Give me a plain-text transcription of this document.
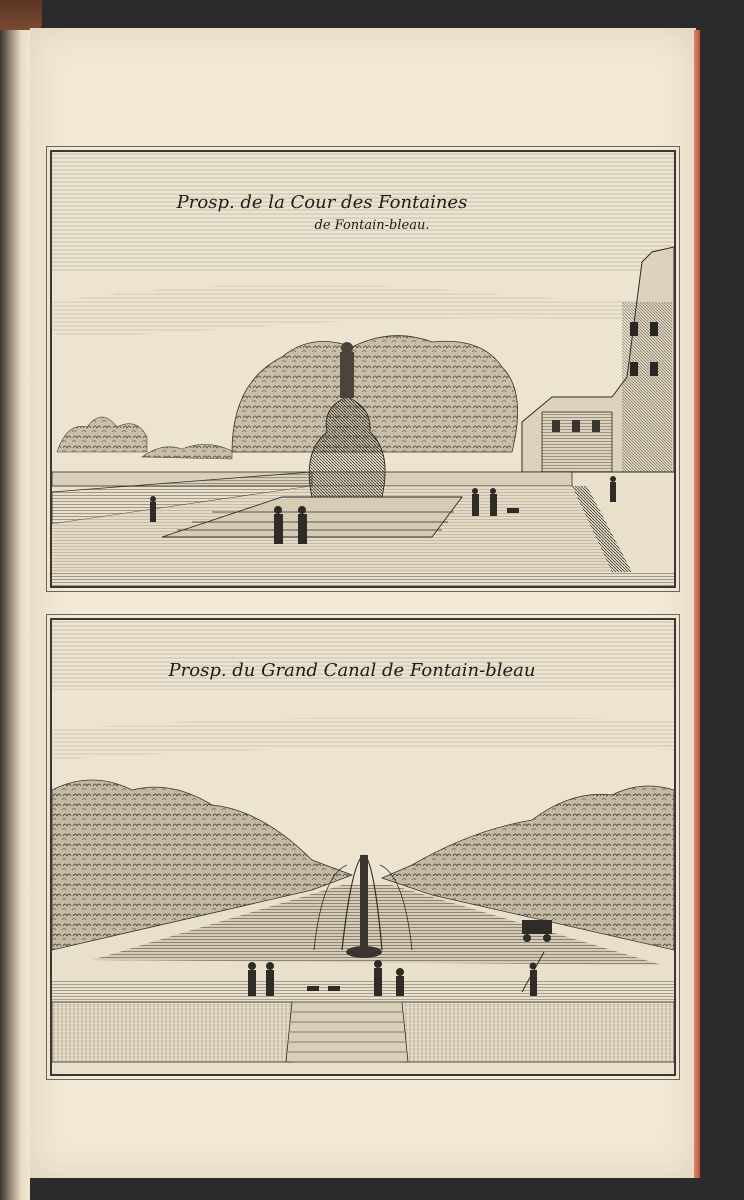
Prosp. de la Cour des Fontaines
de Fontain-bleau.
Prosp. du Grand Canal de Fontain-bleau
